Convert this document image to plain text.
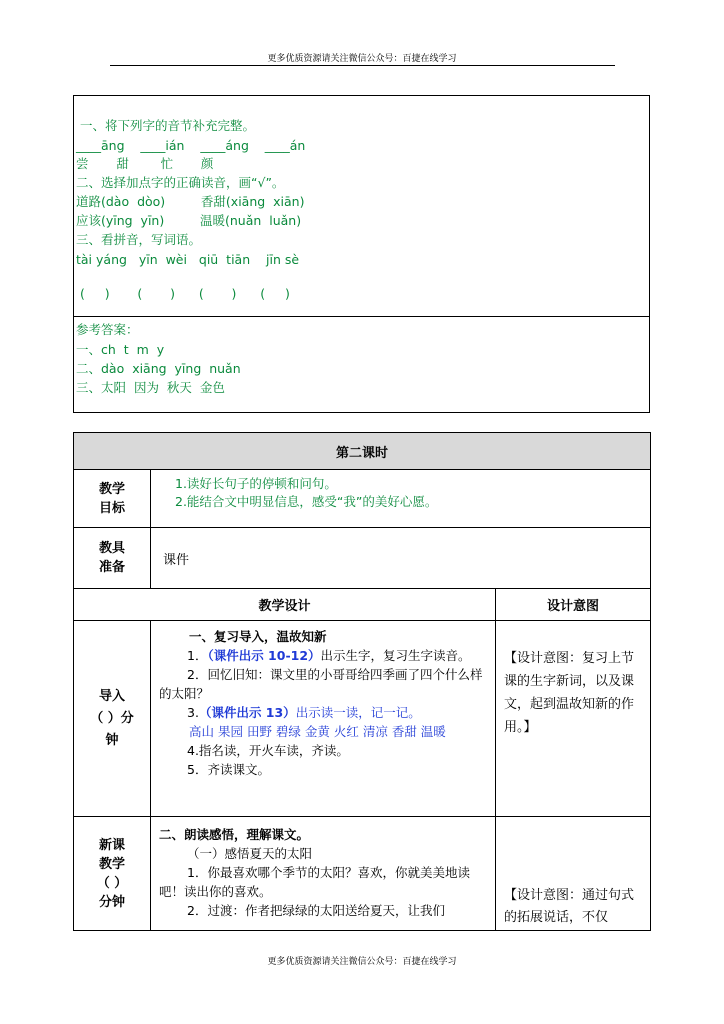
更多优质资源请关注微信公众号：百捷在线学习
一、将下列字的音节补充完整。
____āng    ____ián    ____áng    ____án
尝       甜        忙       颜
二、选择加点字的正确读音，画“√”。
道路(dào  dòo)         香甜(xiāng  xiān)
应该(yīng  yīn)         温暖(nuǎn  luǎn)
三、看拼音，写词语。
tài yáng   yīn  wèi   qiū  tiān    jīn sè
(     )       (       )      (       )      (     )
参考答案：
一、ch  t  m  y
二、dào  xiāng  yīng  nuǎn
三、太阳  因为  秋天  金色
第二课时
教学
目标
1.读好长句子的停顿和问句。
2.能结合文中明显信息，感受“我”的美好心愿。
教具
准备	课件
教学设计	设计意图
导入
（ ）分
钟
一、复习导入，温故知新
1．（课件出示 10-12）出示生字，复习生字读音。
2．回忆旧知：课文里的小哥哥给四季画了四个什么样的太阳？
3.（课件出示 13）出示读一读，记一记。
高山 果园 田野 碧绿 金黄 火红 清凉 香甜 温暖
4.指名读，开火车读，齐读。
5．齐读课文。
【设计意图：复习上节课的生字新词，以及课文，起到温故知新的作用。】
新课
教学
（ ）
分钟
二、朗读感悟，理解课文。
（一）感悟夏天的太阳
1．你最喜欢哪个季节的太阳？喜欢，你就美美地读吧！读出你的喜欢。
2．过渡：作者把绿绿的太阳送给夏天，让我们
【设计意图：通过句式的拓展说话，不仅
更多优质资源请关注微信公众号：百捷在线学习
